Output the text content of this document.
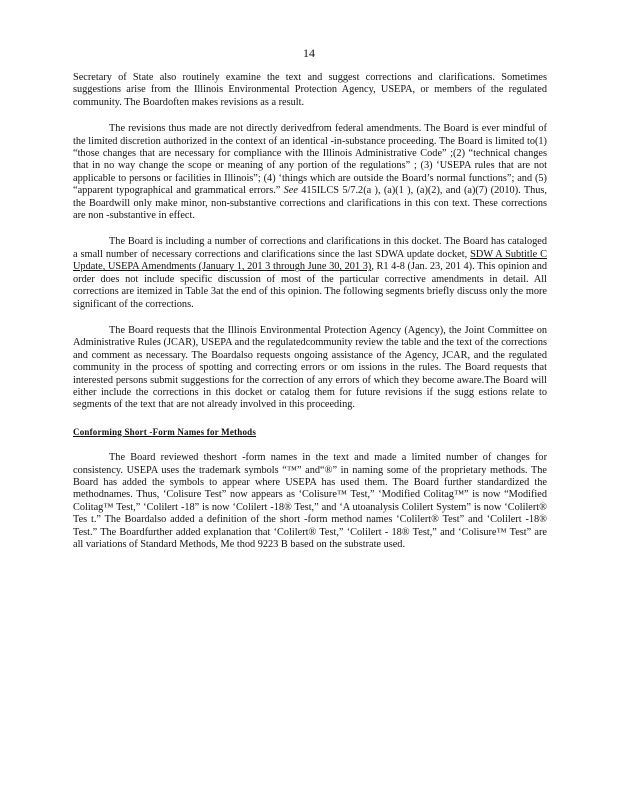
14

Secretary of State also routinely examine the text and suggest corrections and clarifications. Sometimes suggestions arise from the Illinois Environmental Protection Agency, USEPA, or members of the regulated community. The Boardoften makes revisions as a result.

The revisions thus made are not directly derivedfrom federal amendments. The Board is ever mindful of the limited discretion authorized in the context of an identical -in-substance proceeding. The Board is limited to(1) “those changes that are necessary for compliance with the Illinois Administrative Code” ;(2) “technical changes that in no way change the scope or meaning of any portion of the regulations” ; (3) ‘USEPA rules that are not applicable to persons or facilities in Illinois”; (4) ‘things which are outside the Board’s normal functions”; and (5) “apparent typographical and grammatical errors.” See 415ILCS 5/7.2(a ), (a)(1 ), (a)(2), and (a)(7) (2010). Thus, the Boardwill only make minor, non-substantive corrections and clarifications in this con text. These corrections are non -substantive in effect.

The Board is including a number of corrections and clarifications in this docket. The Board has cataloged a small number of necessary corrections and clarifications since the last SDWA update docket, SDW A Subtitle C Update, USEPA Amendments (January 1, 201 3 through June 30, 201 3), R1 4-8 (Jan. 23, 201 4). This opinion and order does not include specific discussion of most of the particular corrective amendments in detail. All corrections are itemized in Table 3at the end of this opinion. The following segments briefly discuss only the more significant of the corrections.

The Board requests that the Illinois Environmental Protection Agency (Agency), the Joint Committee on Administrative Rules (JCAR), USEPA and the regulatedcommunity review the table and the text of the corrections and comment as necessary. The Boardalso requests ongoing assistance of the Agency, JCAR, and the regulated community in the process of spotting and correcting errors or om issions in the rules. The Board requests that interested persons submit suggestions for the correction of any errors of which they become aware.The Board will either include the corrections in this docket or catalog them for future revisions if the sugg estions relate to segments of the text that are not already involved in this proceeding.

Conforming Short -Form Names for Methods

The Board reviewed theshort -form names in the text and made a limited number of changes for consistency. USEPA uses the trademark symbols “™” and“®” in naming some of the proprietary methods. The Board has added the symbols to appear where USEPA has used them. The Board further standardized the methodnames. Thus, ‘Colisure Test” now appears as ‘Colisure™ Test,” ‘Modified Colitag™” is now “Modified Colitag™ Test,” ‘Colilert -18” is now ‘Colilert -18® Test,” and ‘A utoanalysis Colilert System” is now ‘Colilert® Tes t.” The Boardalso added a definition of the short -form method names ‘Colilert® Test” and ‘Colilert -18® Test.” The Boardfurther added explanation that ‘Colilert® Test,” ‘Colilert - 18® Test,” and ‘Colisure™ Test” are all variations of Standard Methods, Me thod 9223 B based on the substrate used.
